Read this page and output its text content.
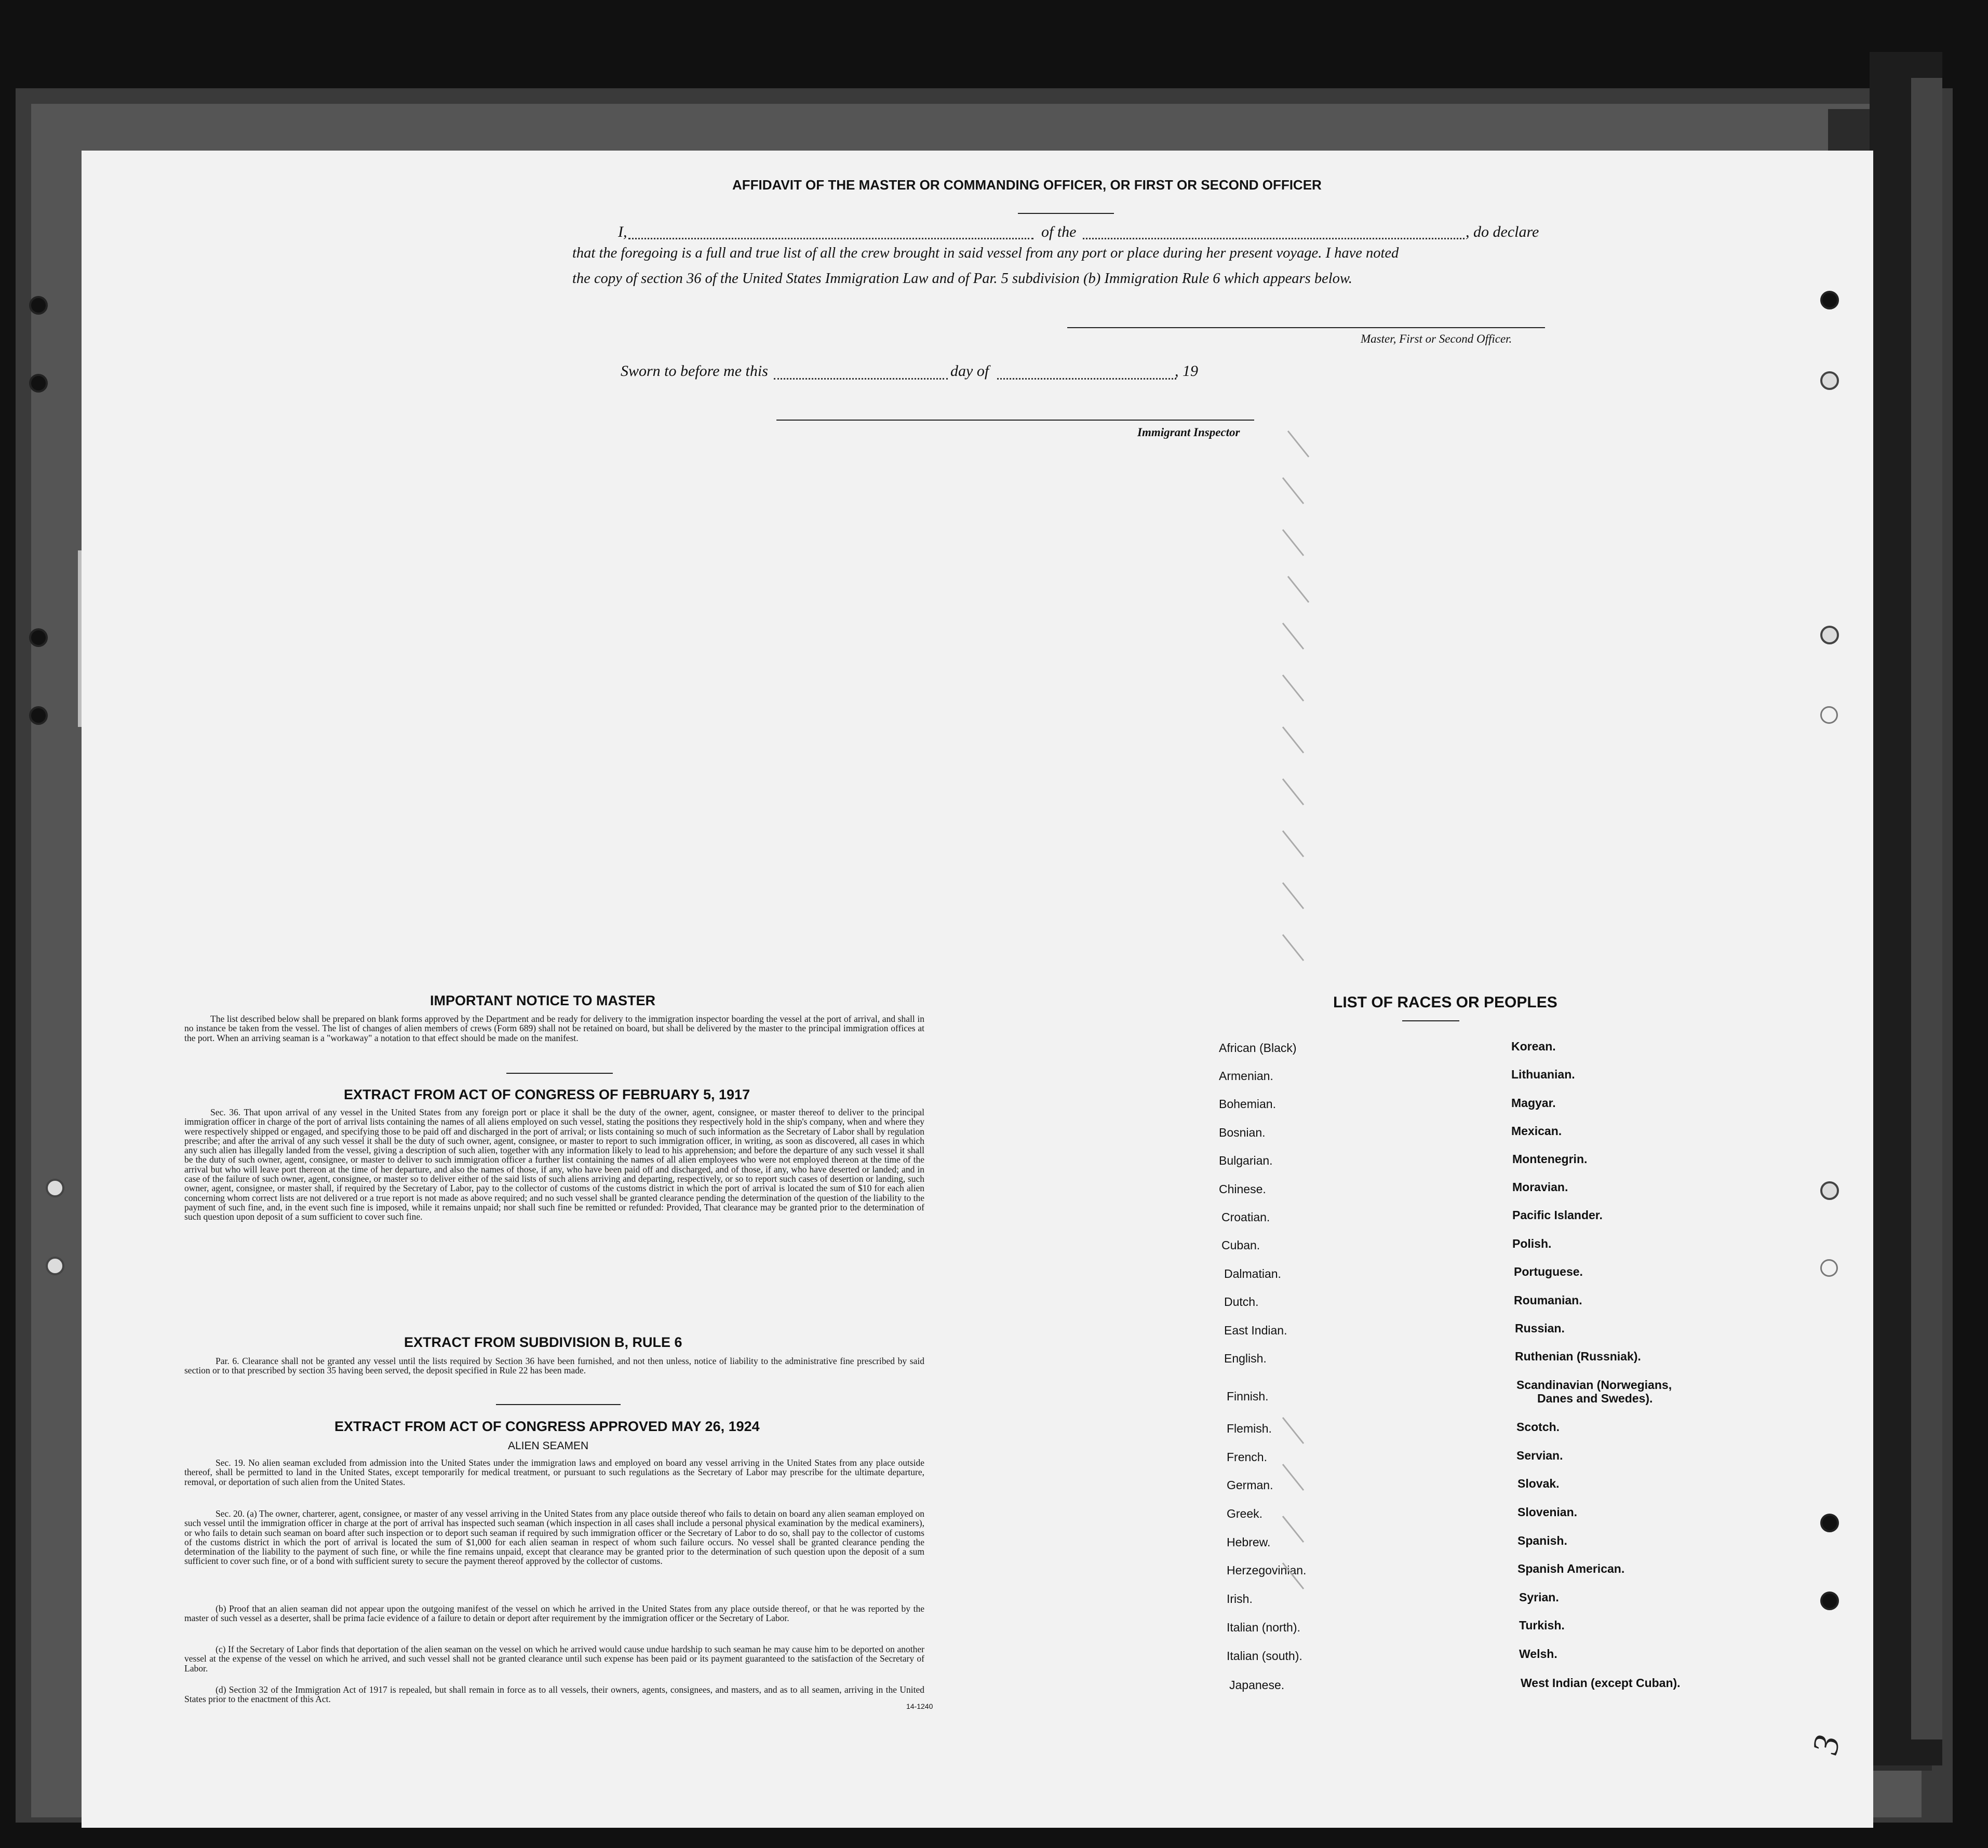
AFFIDAVIT OF THE MASTER OR COMMANDING OFFICER, OR FIRST OR SECOND OFFICER
I,	of the	, do declare
that the foregoing is a full and true list of all the crew brought in said vessel from any port or place during her present voyage. I have noted
the copy of section 36 of the United States Immigration Law and of Par. 5 subdivision (b) Immigration Rule 6 which appears below.
Master, First or Second Officer.
Sworn to before me this	day of	, 19
Immigrant Inspector
IMPORTANT NOTICE TO MASTER
The list described below shall be prepared on blank forms approved by the Department and be ready for delivery to the immigration inspector boarding the vessel at the port of arrival, and shall in no instance be taken from the vessel. The list of changes of alien members of crews (Form 689) shall not be retained on board, but shall be delivered by the master to the principal immigration offices at the port. When an arriving seaman is a "workaway" a notation to that effect should be made on the manifest.
EXTRACT FROM ACT OF CONGRESS OF FEBRUARY 5, 1917
Sec. 36. That upon arrival of any vessel in the United States from any foreign port or place it shall be the duty of the owner, agent, consignee, or master thereof to deliver to the principal immigration officer in charge of the port of arrival lists containing the names of all aliens employed on such vessel, stating the positions they respectively hold in the ship's company, when and where they were respectively shipped or engaged, and specifying those to be paid off and discharged in the port of arrival; or lists containing so much of such information as the Secretary of Labor shall by regulation prescribe; and after the arrival of any such vessel it shall be the duty of such owner, agent, consignee, or master to report to such immigration officer, in writing, as soon as discovered, all cases in which any such alien has illegally landed from the vessel, giving a description of such alien, together with any information likely to lead to his apprehension; and before the departure of any such vessel it shall be the duty of such owner, agent, consignee, or master to deliver to such immigration officer a further list containing the names of all alien employees who were not employed thereon at the time of the arrival but who will leave port thereon at the time of her departure, and also the names of those, if any, who have been paid off and discharged, and of those, if any, who have deserted or landed; and in case of the failure of such owner, agent, consignee, or master so to deliver either of the said lists of such aliens arriving and departing, respectively, or so to report such cases of desertion or landing, such owner, agent, consignee, or master shall, if required by the Secretary of Labor, pay to the collector of customs of the customs district in which the port of arrival is located the sum of $10 for each alien concerning whom correct lists are not delivered or a true report is not made as above required; and no such vessel shall be granted clearance pending the determination of the question of the liability to the payment of such fine, and, in the event such fine is imposed, while it remains unpaid; nor shall such fine be remitted or refunded: Provided, That clearance may be granted prior to the determination of such question upon deposit of a sum sufficient to cover such fine.
EXTRACT FROM SUBDIVISION B, RULE 6
Par. 6. Clearance shall not be granted any vessel until the lists required by Section 36 have been furnished, and not then unless, notice of liability to the administrative fine prescribed by said section or to that prescribed by section 35 having been served, the deposit specified in Rule 22 has been made.
EXTRACT FROM ACT OF CONGRESS APPROVED MAY 26, 1924
ALIEN SEAMEN
Sec. 19. No alien seaman excluded from admission into the United States under the immigration laws and employed on board any vessel arriving in the United States from any place outside thereof, shall be permitted to land in the United States, except temporarily for medical treatment, or pursuant to such regulations as the Secretary of Labor may prescribe for the ultimate departure, removal, or deportation of such alien from the United States.
Sec. 20. (a) The owner, charterer, agent, consignee, or master of any vessel arriving in the United States from any place outside thereof who fails to detain on board any alien seaman employed on such vessel until the immigration officer in charge at the port of arrival has inspected such seaman (which inspection in all cases shall include a personal physical examination by the medical examiners), or who fails to detain such seaman on board after such inspection or to deport such seaman if required by such immigration officer or the Secretary of Labor to do so, shall pay to the collector of customs of the customs district in which the port of arrival is located the sum of $1,000 for each alien seaman in respect of whom such failure occurs. No vessel shall be granted clearance pending the determination of the liability to the payment of such fine, or while the fine remains unpaid, except that clearance may be granted prior to the determination of such question upon the deposit of a sum sufficient to cover such fine, or of a bond with sufficient surety to secure the payment thereof approved by the collector of customs.
(b) Proof that an alien seaman did not appear upon the outgoing manifest of the vessel on which he arrived in the United States from any place outside thereof, or that he was reported by the master of such vessel as a deserter, shall be prima facie evidence of a failure to detain or deport after requirement by the immigration officer or the Secretary of Labor.
(c) If the Secretary of Labor finds that deportation of the alien seaman on the vessel on which he arrived would cause undue hardship to such seaman he may cause him to be deported on another vessel at the expense of the vessel on which he arrived, and such vessel shall not be granted clearance until such expense has been paid or its payment guaranteed to the satisfaction of the Secretary of Labor.
(d) Section 32 of the Immigration Act of 1917 is repealed, but shall remain in force as to all vessels, their owners, agents, consignees, and masters, and as to all seamen, arriving in the United States prior to the enactment of this Act.
14-1240
LIST OF RACES OR PEOPLES
African (Black)
Armenian.
Bohemian.
Bosnian.
Bulgarian.
Chinese.
Croatian.
Cuban.
Dalmatian.
Dutch.
East Indian.
English.
Finnish.
Flemish.
French.
German.
Greek.
Hebrew.
Herzegovinian.
Irish.
Italian (north).
Italian (south).
Japanese.
Korean.
Lithuanian.
Magyar.
Mexican.
Montenegrin.
Moravian.
Pacific Islander.
Polish.
Portuguese.
Roumanian.
Russian.
Ruthenian (Russniak).
Scandinavian (Norwegians,
Danes and Swedes).
Scotch.
Servian.
Slovak.
Slovenian.
Spanish.
Spanish American.
Syrian.
Turkish.
Welsh.
West Indian (except Cuban).
3
